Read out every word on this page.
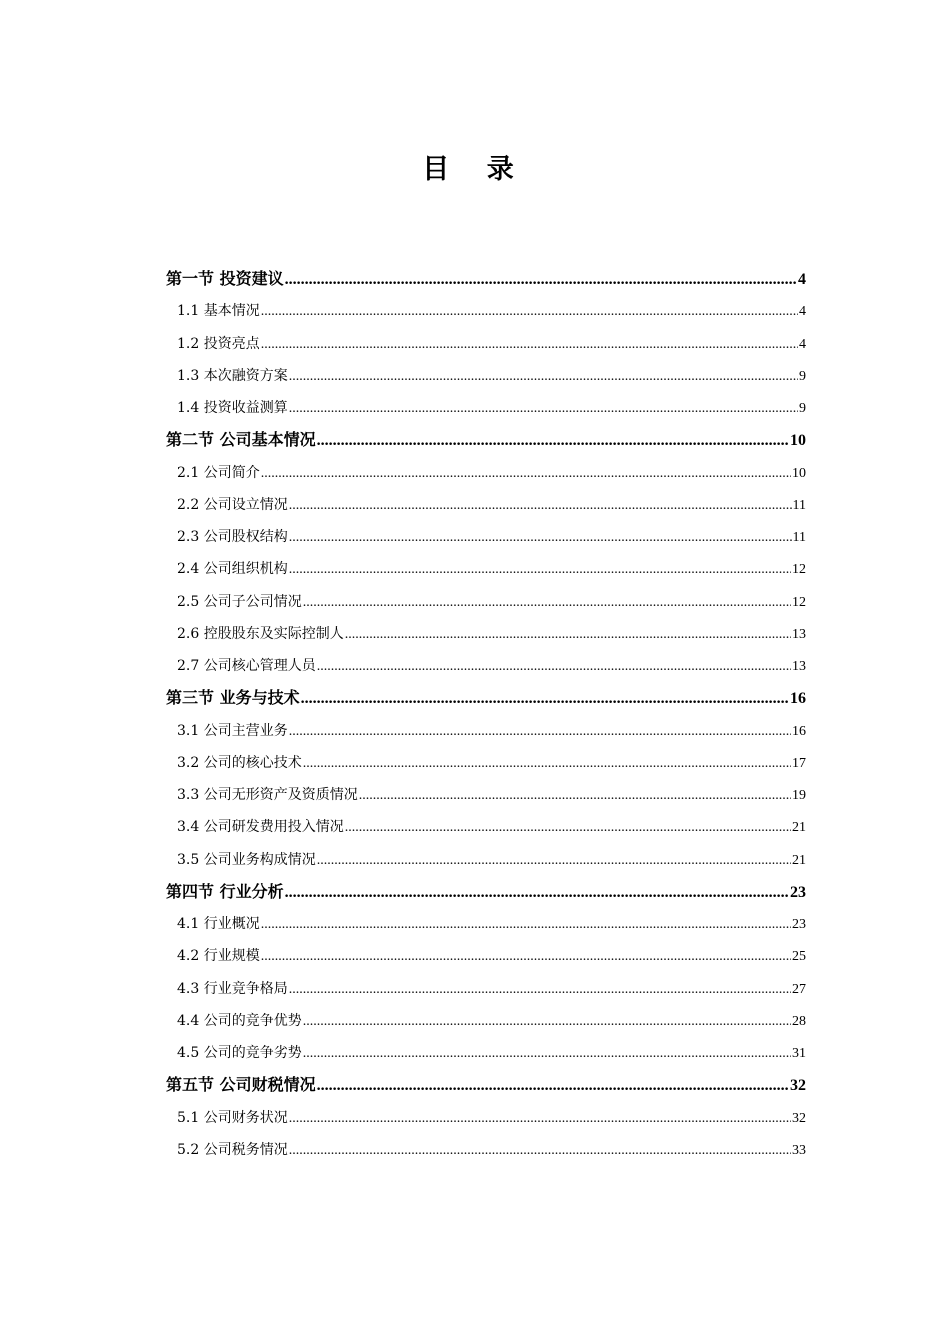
目 录
第一节 投资建议 .....	4
1.1 基本情况 .....	4
1.2 投资亮点 .....	4
1.3 本次融资方案 .....	9
1.4 投资收益测算 .....	9
第二节 公司基本情况 .....	10
2.1 公司简介 .....	10
2.2 公司设立情况 .....	11
2.3 公司股权结构 .....	11
2.4 公司组织机构 .....	12
2.5 公司子公司情况 .....	12
2.6 控股股东及实际控制人 .....	13
2.7 公司核心管理人员 .....	13
第三节 业务与技术 .....	16
3.1 公司主营业务 .....	16
3.2 公司的核心技术 .....	17
3.3 公司无形资产及资质情况 .....	19
3.4 公司研发费用投入情况 .....	21
3.5 公司业务构成情况 .....	21
第四节 行业分析 .....	23
4.1 行业概况 .....	23
4.2 行业规模 .....	25
4.3 行业竞争格局 .....	27
4.4 公司的竞争优势 .....	28
4.5 公司的竞争劣势 .....	31
第五节 公司财税情况 .....	32
5.1 公司财务状况 .....	32
5.2 公司税务情况 .....	33
